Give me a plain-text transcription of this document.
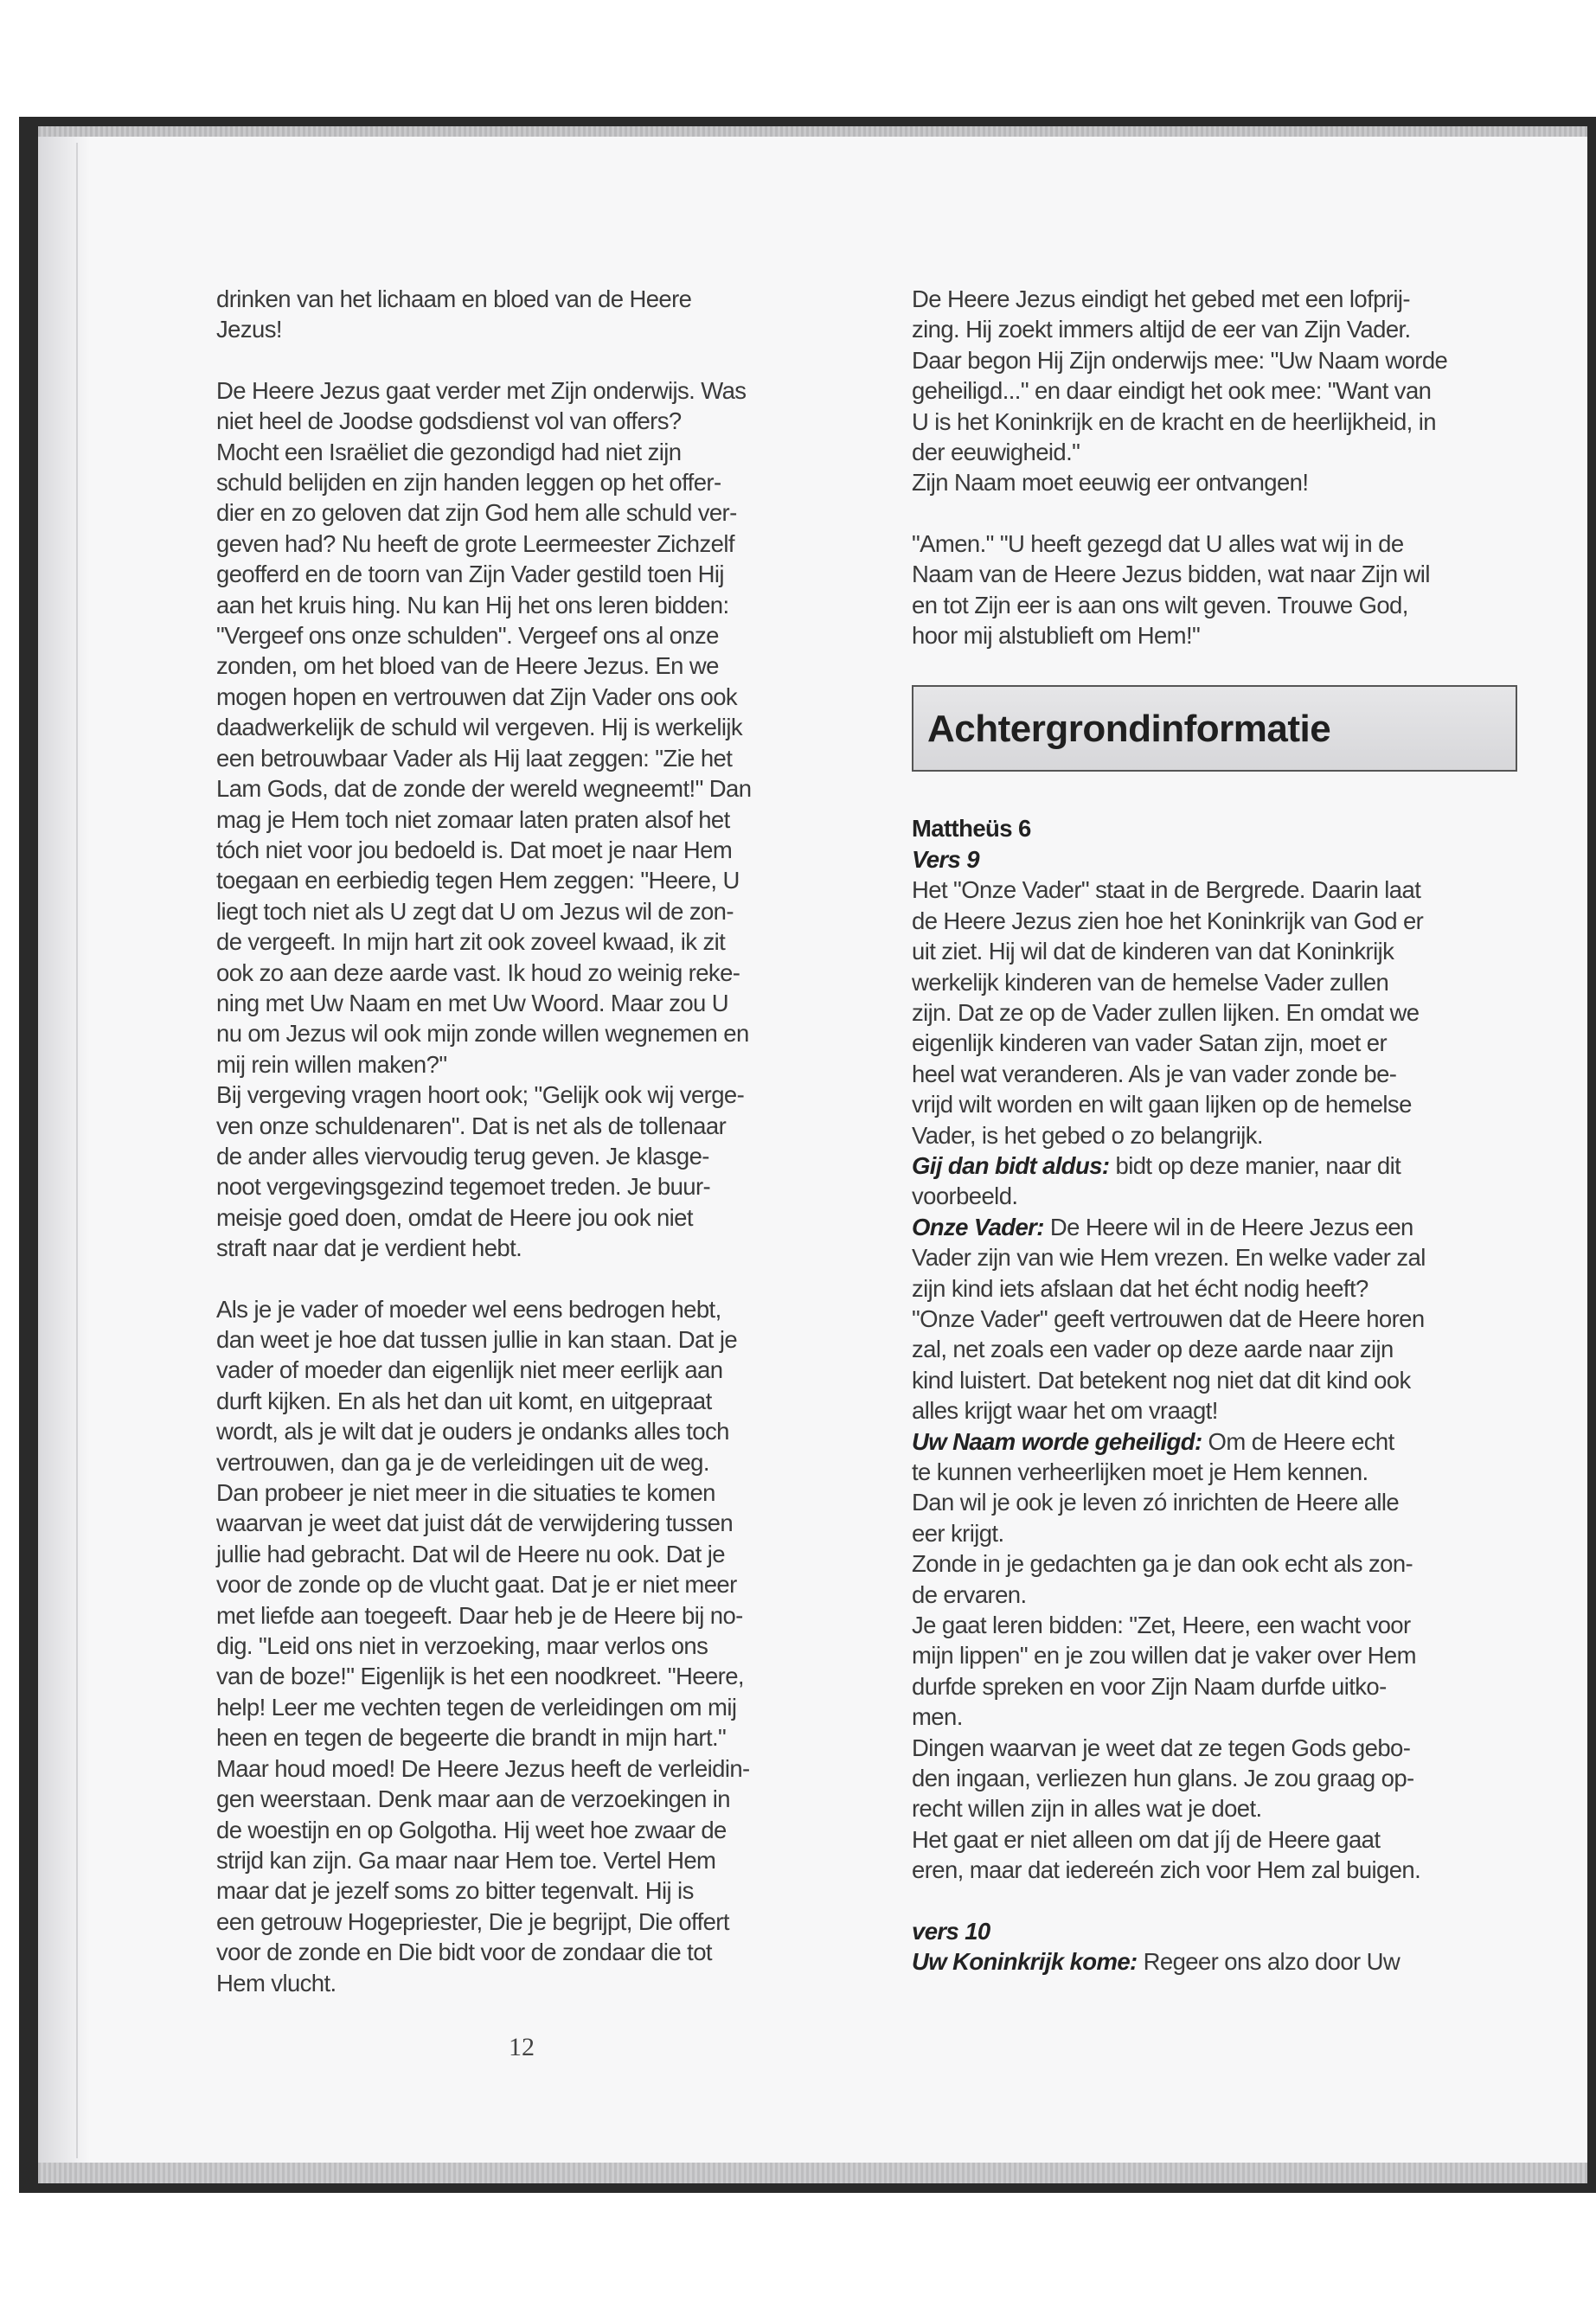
drinken van het lichaam en bloed van de Heere
Jezus!

De Heere Jezus gaat verder met Zijn onderwijs. Was
niet heel de Joodse godsdienst vol van offers?
Mocht een Israëliet die gezondigd had niet zijn
schuld belijden en zijn handen leggen op het offer-
dier en zo geloven dat zijn God hem alle schuld ver-
geven had? Nu heeft de grote Leermeester Zichzelf
geofferd en de toorn van Zijn Vader gestild toen Hij
aan het kruis hing. Nu kan Hij het ons leren bidden:
"Vergeef ons onze schulden". Vergeef ons al onze
zonden, om het bloed van de Heere Jezus. En we
mogen hopen en vertrouwen dat Zijn Vader ons ook
daadwerkelijk de schuld wil vergeven. Hij is werkelijk
een betrouwbaar Vader als Hij laat zeggen: "Zie het
Lam Gods, dat de zonde der wereld wegneemt!" Dan
mag je Hem toch niet zomaar laten praten alsof het
tóch niet voor jou bedoeld is. Dat moet je naar Hem
toegaan en eerbiedig tegen Hem zeggen: "Heere, U
liegt toch niet als U zegt dat U om Jezus wil de zon-
de vergeeft. In mijn hart zit ook zoveel kwaad, ik zit
ook zo aan deze aarde vast. Ik houd zo weinig reke-
ning met Uw Naam en met Uw Woord. Maar zou U
nu om Jezus wil ook mijn zonde willen wegnemen en
mij rein willen maken?"
Bij vergeving vragen hoort ook; "Gelijk ook wij verge-
ven onze schuldenaren". Dat is net als de tollenaar
de ander alles viervoudig terug geven. Je klasge-
noot vergevingsgezind tegemoet treden. Je buur-
meisje goed doen, omdat de Heere jou ook niet
straft naar dat je verdient hebt.

Als je je vader of moeder wel eens bedrogen hebt,
dan weet je hoe dat tussen jullie in kan staan. Dat je
vader of moeder dan eigenlijk niet meer eerlijk aan
durft kijken. En als het dan uit komt, en uitgepraat
wordt, als je wilt dat je ouders je ondanks alles toch
vertrouwen, dan ga je de verleidingen uit de weg.
Dan probeer je niet meer in die situaties te komen
waarvan je weet dat juist dát de verwijdering tussen
jullie had gebracht. Dat wil de Heere nu ook. Dat je
voor de zonde op de vlucht gaat. Dat je er niet meer
met liefde aan toegeeft. Daar heb je de Heere bij no-
dig. "Leid ons niet in verzoeking, maar verlos ons
van de boze!" Eigenlijk is het een noodkreet. "Heere,
help! Leer me vechten tegen de verleidingen om mij
heen en tegen de begeerte die brandt in mijn hart."
Maar houd moed! De Heere Jezus heeft de verleidin-
gen weerstaan. Denk maar aan de verzoekingen in
de woestijn en op Golgotha. Hij weet hoe zwaar de
strijd kan zijn. Ga maar naar Hem toe. Vertel Hem
maar dat je jezelf soms zo bitter tegenvalt. Hij is
een getrouw Hogepriester, Die je begrijpt, Die offert
voor de zonde en Die bidt voor de zondaar die tot
Hem vlucht.

De Heere Jezus eindigt het gebed met een lofprij-
zing. Hij zoekt immers altijd de eer van Zijn Vader.
Daar begon Hij Zijn onderwijs mee: "Uw Naam worde
geheiligd..." en daar eindigt het ook mee: "Want van
U is het Koninkrijk en de kracht en de heerlijkheid, in
der eeuwigheid."
Zijn Naam moet eeuwig eer ontvangen!

"Amen." "U heeft gezegd dat U alles wat wij in de
Naam van de Heere Jezus bidden, wat naar Zijn wil
en tot Zijn eer is aan ons wilt geven. Trouwe God,
hoor mij alstublieft om Hem!"

Achtergrondinformatie

Mattheüs 6

Vers 9

Het "Onze Vader" staat in de Bergrede. Daarin laat
de Heere Jezus zien hoe het Koninkrijk van God er
uit ziet. Hij wil dat de kinderen van dat Koninkrijk
werkelijk kinderen van de hemelse Vader zullen
zijn. Dat ze op de Vader zullen lijken. En omdat we
eigenlijk kinderen van vader Satan zijn, moet er
heel wat veranderen. Als je van vader zonde be-
vrijd wilt worden en wilt gaan lijken op de hemelse
Vader, is het gebed o zo belangrijk.

Gij dan bidt aldus: bidt op deze manier, naar dit
voorbeeld.

Onze Vader: De Heere wil in de Heere Jezus een
Vader zijn van wie Hem vrezen. En welke vader zal
zijn kind iets afslaan dat het écht nodig heeft?
"Onze Vader" geeft vertrouwen dat de Heere horen
zal, net zoals een vader op deze aarde naar zijn
kind luistert. Dat betekent nog niet dat dit kind ook
alles krijgt waar het om vraagt!

Uw Naam worde geheiligd: Om de Heere echt
te kunnen verheerlijken moet je Hem kennen.
Dan wil je ook je leven zó inrichten de Heere alle
eer krijgt.
Zonde in je gedachten ga je dan ook echt als zon-
de ervaren.
Je gaat leren bidden: "Zet, Heere, een wacht voor
mijn lippen" en je zou willen dat je vaker over Hem
durfde spreken en voor Zijn Naam durfde uitko-
men.
Dingen waarvan je weet dat ze tegen Gods gebo-
den ingaan, verliezen hun glans. Je zou graag op-
recht willen zijn in alles wat je doet.
Het gaat er niet alleen om dat jíj de Heere gaat
eren, maar dat iedereén zich voor Hem zal buigen.

vers 10

Uw Koninkrijk kome: Regeer ons alzo door Uw

12
